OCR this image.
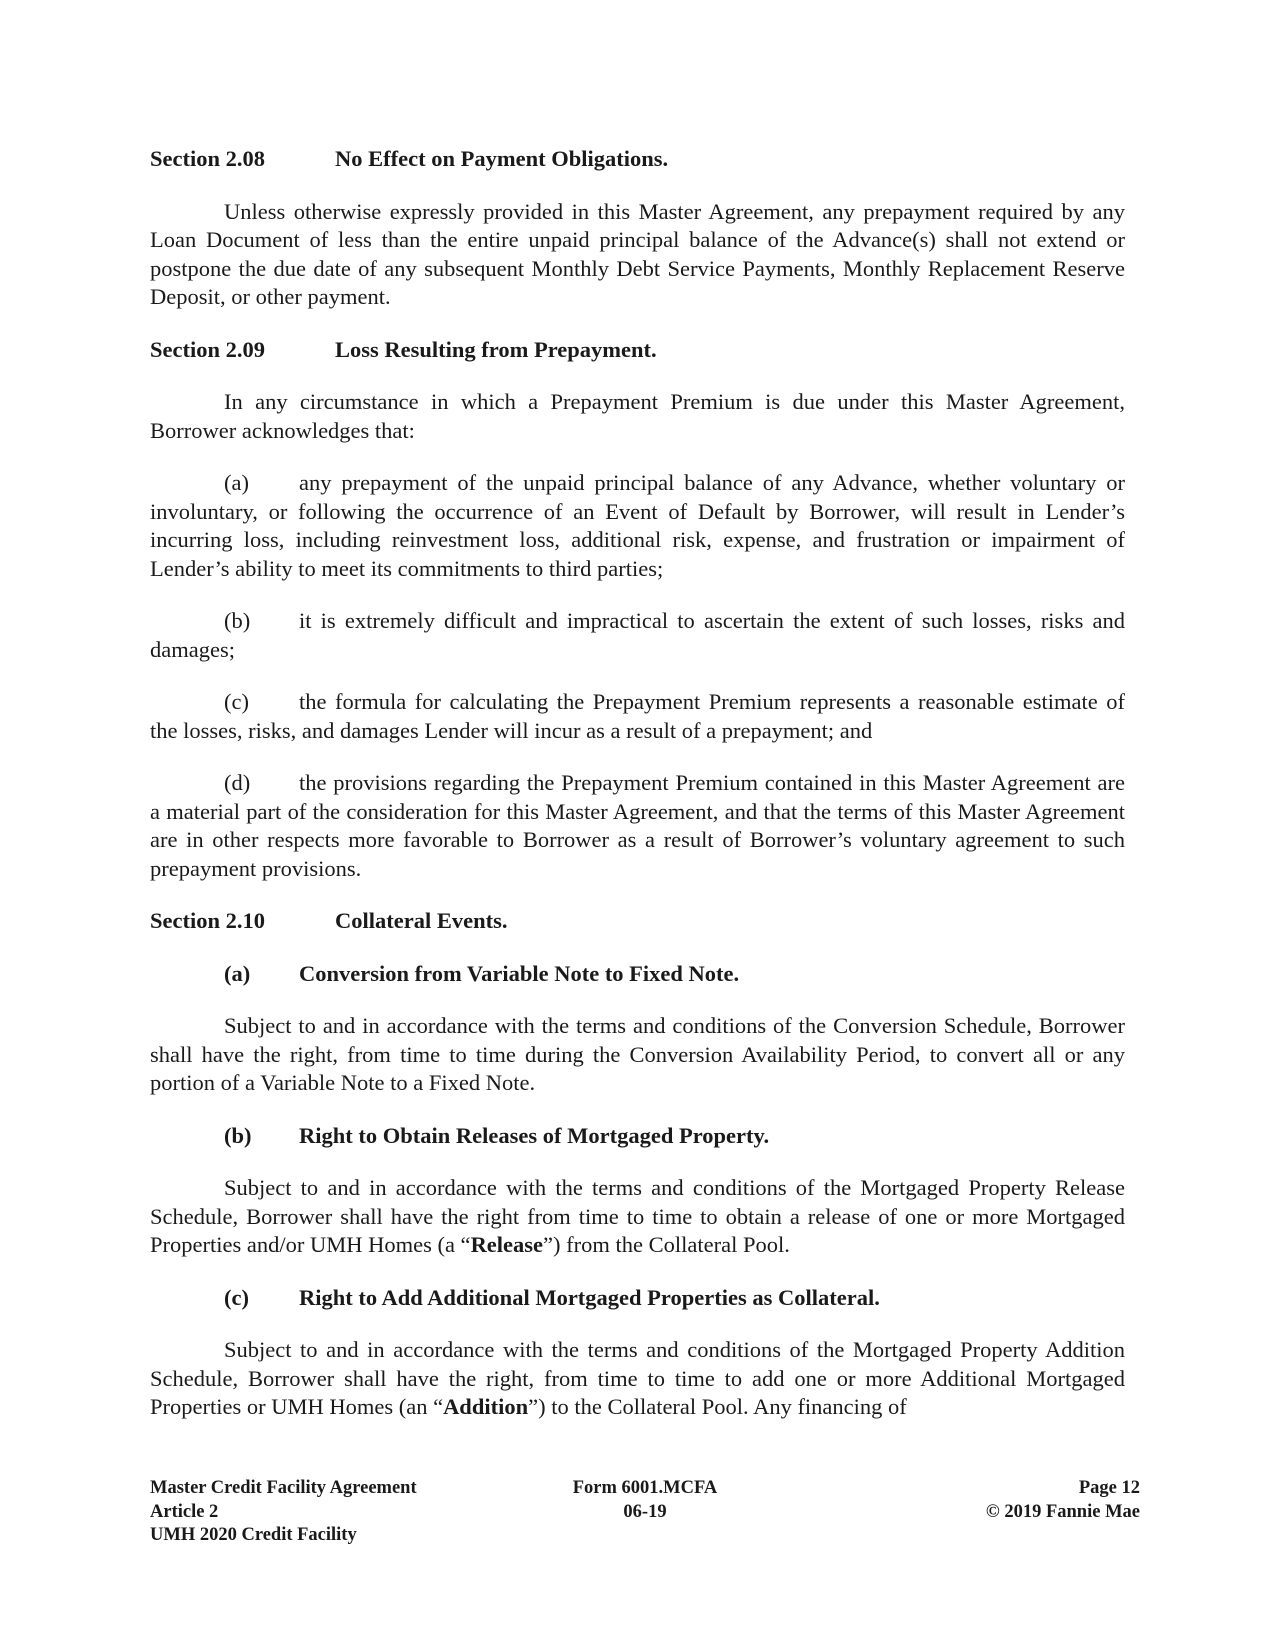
Section 2.08	No Effect on Payment Obligations.

Unless otherwise expressly provided in this Master Agreement, any prepayment required by any Loan Document of less than the entire unpaid principal balance of the Advance(s) shall not extend or postpone the due date of any subsequent Monthly Debt Service Payments, Monthly Replacement Reserve Deposit, or other payment.

Section 2.09	Loss Resulting from Prepayment.

In any circumstance in which a Prepayment Premium is due under this Master Agreement, Borrower acknowledges that:

(a) any prepayment of the unpaid principal balance of any Advance, whether voluntary or involuntary, or following the occurrence of an Event of Default by Borrower, will result in Lender’s incurring loss, including reinvestment loss, additional risk, expense, and frustration or impairment of Lender’s ability to meet its commitments to third parties;

(b) it is extremely difficult and impractical to ascertain the extent of such losses, risks and damages;

(c) the formula for calculating the Prepayment Premium represents a reasonable estimate of the losses, risks, and damages Lender will incur as a result of a prepayment; and

(d) the provisions regarding the Prepayment Premium contained in this Master Agreement are a material part of the consideration for this Master Agreement, and that the terms of this Master Agreement are in other respects more favorable to Borrower as a result of Borrower’s voluntary agreement to such prepayment provisions.

Section 2.10	Collateral Events.
(a) Conversion from Variable Note to Fixed Note.

Subject to and in accordance with the terms and conditions of the Conversion Schedule, Borrower shall have the right, from time to time during the Conversion Availability Period, to convert all or any portion of a Variable Note to a Fixed Note.

(b) Right to Obtain Releases of Mortgaged Property.

Subject to and in accordance with the terms and conditions of the Mortgaged Property Release Schedule, Borrower shall have the right from time to time to obtain a release of one or more Mortgaged Properties and/or UMH Homes (a “Release”) from the Collateral Pool.

(c) Right to Add Additional Mortgaged Properties as Collateral.

Subject to and in accordance with the terms and conditions of the Mortgaged Property Addition Schedule, Borrower shall have the right, from time to time to add one or more Additional Mortgaged Properties or UMH Homes (an “Addition”) to the Collateral Pool. Any financing of

Master Credit Facility Agreement
Article 2
UMH 2020 Credit Facility
Form 6001.MCFA
06-19
Page 12
© 2019 Fannie Mae
